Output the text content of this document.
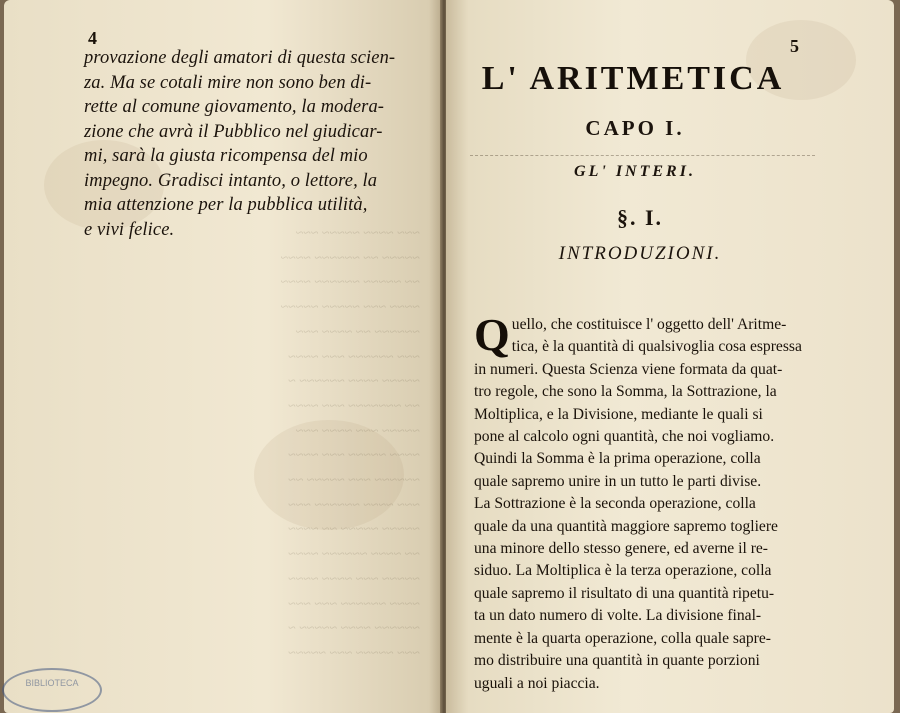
4
provazione degli amatori di questa scien-
za. Ma se cotali mire non sono ben di-
rette al comune giovamento, la modera-
zione che avrà il Pubblico nel giudicar-
mi, sarà la giusta ricompensa del mio
impegno. Gradisci intanto, o lettore, la
mia attenzione per la pubblica utilità,
e vivi felice.	~~~ ~~~~ ~~~~~ ~~~
~~~~~ ~~ ~~~~~~ ~~~~
~~ ~~~~~ ~~~~~~ ~~~~
~~~~ ~~~ ~~~~~ ~~~~~
~~~~~~ ~~ ~~~~ ~~~
~~~ ~~~~~~ ~~~ ~~~~
~~~~~ ~~~~ ~~~~~~ ~
~~ ~~~~~~~ ~~~ ~~~~
~~~~~ ~~~ ~~~~ ~~~
~~~~ ~~~~~ ~~~ ~~~~
~~~~~~ ~~~ ~~~~~ ~~
~~~ ~~~~ ~~~~~~ ~~~
~~~~~ ~~~~~ ~~ ~~~~
~~ ~~~~ ~~~~~~ ~~~~
~~~~~ ~~~ ~~~~ ~~~~
~~~~ ~~~~~~ ~~~ ~~~
~~~~~~ ~~~~ ~~~~~ ~
~~~ ~~~~~ ~~~ ~~~~~
5
L' ARITMETICA
CAPO I.
GL' INTERI.
§. I.
INTRODUZIONI.
Q uello, che costituisce l' oggetto dell' Aritme-
tica, è la quantità di qualsivoglia cosa espressa
in numeri. Questa Scienza viene formata da quat-
tro regole, che sono la Somma, la Sottrazione, la
Moltiplica, e la Divisione, mediante le quali si
pone al calcolo ogni quantità, che noi vogliamo.
Quindi la Somma è la prima operazione, colla
quale sapremo unire in un tutto le parti divise.
La Sottrazione è la seconda operazione, colla
quale da una quantità maggiore sapremo togliere
una minore dello stesso genere, ed averne il re-
siduo. La Moltiplica è la terza operazione, colla
quale sapremo il risultato di una quantità ripetu-
ta un dato numero di volte. La divisione final-
mente è la quarta operazione, colla quale sapre-
mo distribuire una quantità in quante porzioni
uguali a noi piaccia.
BIBLIOTECA
